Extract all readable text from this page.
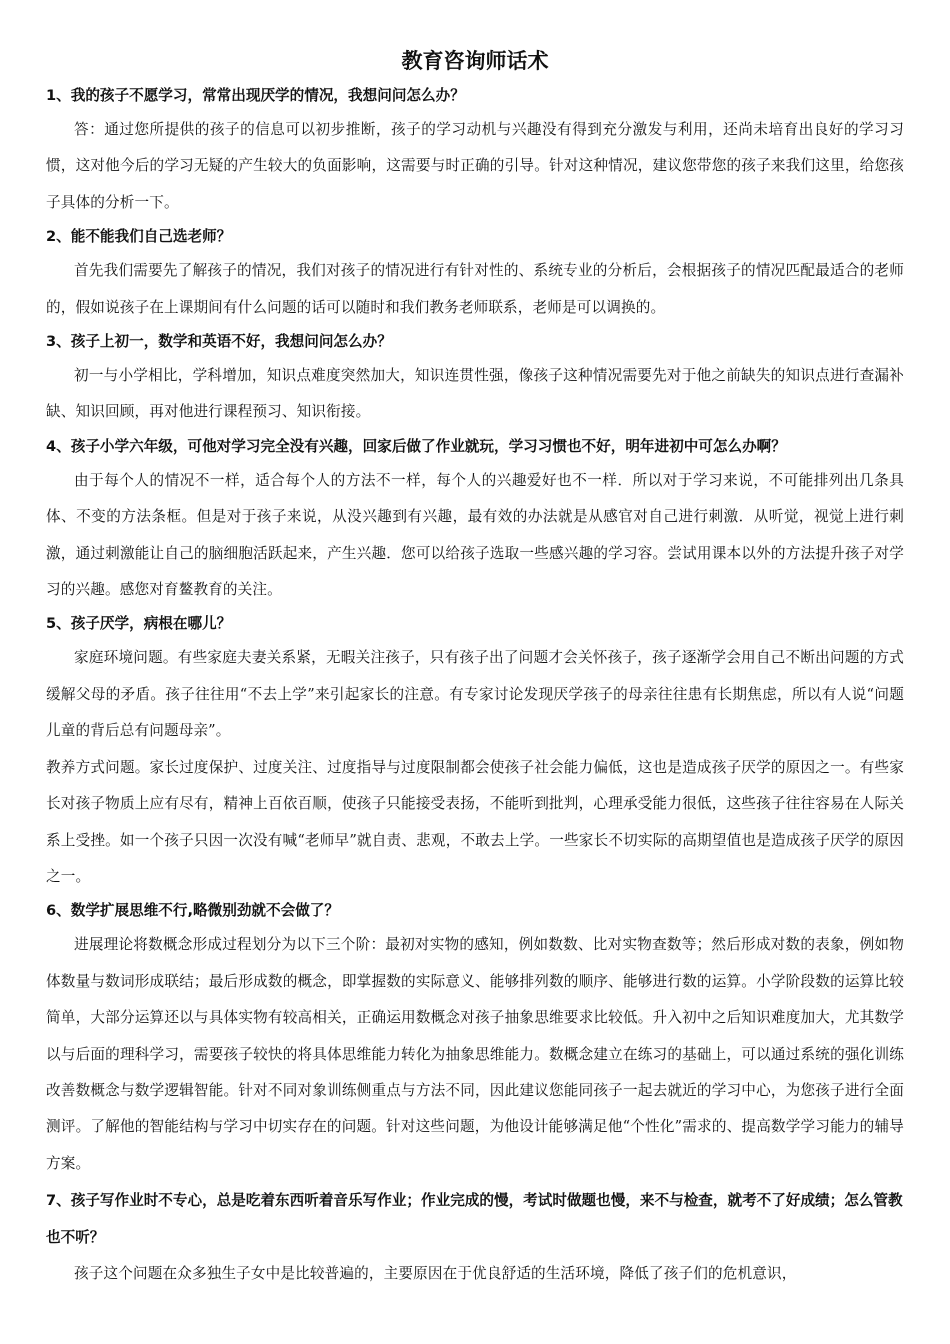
教育咨询师话术
1、我的孩子不愿学习，常常出现厌学的情况，我想问问怎么办？
答：通过您所提供的孩子的信息可以初步推断，孩子的学习动机与兴趣没有得到充分激发与利用，还尚未培育出良好的学习习惯，这对他今后的学习无疑的产生较大的负面影响，这需要与时正确的引导。针对这种情况，建议您带您的孩子来我们这里，给您孩子具体的分析一下。
2、能不能我们自己选老师？
首先我们需要先了解孩子的情况，我们对孩子的情况进行有针对性的、系统专业的分析后，会根据孩子的情况匹配最适合的老师的，假如说孩子在上课期间有什么问题的话可以随时和我们教务老师联系，老师是可以调换的。
3、孩子上初一，数学和英语不好，我想问问怎么办？
初一与小学相比，学科增加，知识点难度突然加大，知识连贯性强，像孩子这种情况需要先对于他之前缺失的知识点进行查漏补缺、知识回顾，再对他进行课程预习、知识衔接。
4、孩子小学六年级，可他对学习完全没有兴趣，回家后做了作业就玩，学习习惯也不好，明年进初中可怎么办啊？
由于每个人的情况不一样，适合每个人的方法不一样，每个人的兴趣爱好也不一样．所以对于学习来说，不可能排列出几条具体、不变的方法条框。但是对于孩子来说，从没兴趣到有兴趣，最有效的办法就是从感官对自己进行刺激．从听觉，视觉上进行刺激，通过刺激能让自己的脑细胞活跃起来，产生兴趣．您可以给孩子选取一些感兴趣的学习容。尝试用课本以外的方法提升孩子对学习的兴趣。感您对育鳌教育的关注。
5、孩子厌学，病根在哪儿？
家庭环境问题。有些家庭夫妻关系紧，无暇关注孩子，只有孩子出了问题才会关怀孩子，孩子逐渐学会用自己不断出问题的方式缓解父母的矛盾。孩子往往用“不去上学”来引起家长的注意。有专家讨论发现厌学孩子的母亲往往患有长期焦虑，所以有人说“问题儿童的背后总有问题母亲”。
教养方式问题。家长过度保护、过度关注、过度指导与过度限制都会使孩子社会能力偏低，这也是造成孩子厌学的原因之一。有些家长对孩子物质上应有尽有，精神上百依百顺，使孩子只能接受表扬，不能听到批判，心理承受能力很低，这些孩子往往容易在人际关系上受挫。如一个孩子只因一次没有喊“老师早”就自责、悲观，不敢去上学。一些家长不切实际的高期望值也是造成孩子厌学的原因之一。
6、数学扩展思维不行,略微别劲就不会做了？
进展理论将数概念形成过程划分为以下三个阶：最初对实物的感知，例如数数、比对实物查数等；然后形成对数的表象，例如物体数量与数词形成联结；最后形成数的概念，即掌握数的实际意义、能够排列数的顺序、能够进行数的运算。小学阶段数的运算比较简单，大部分运算还以与具体实物有较高相关，正确运用数概念对孩子抽象思维要求比较低。升入初中之后知识难度加大，尤其数学以与后面的理科学习，需要孩子较快的将具体思维能力转化为抽象思维能力。数概念建立在练习的基础上，可以通过系统的强化训练改善数概念与数学逻辑智能。针对不同对象训练侧重点与方法不同，因此建议您能同孩子一起去就近的学习中心，为您孩子进行全面测评。了解他的智能结构与学习中切实存在的问题。针对这些问题，为他设计能够满足他“个性化”需求的、提高数学学习能力的辅导方案。
7、孩子写作业时不专心，总是吃着东西听着音乐写作业；作业完成的慢，考试时做题也慢，来不与检查，就考不了好成绩；怎么管教也不听？
孩子这个问题在众多独生子女中是比较普遍的，主要原因在于优良舒适的生活环境，降低了孩子们的危机意识，
